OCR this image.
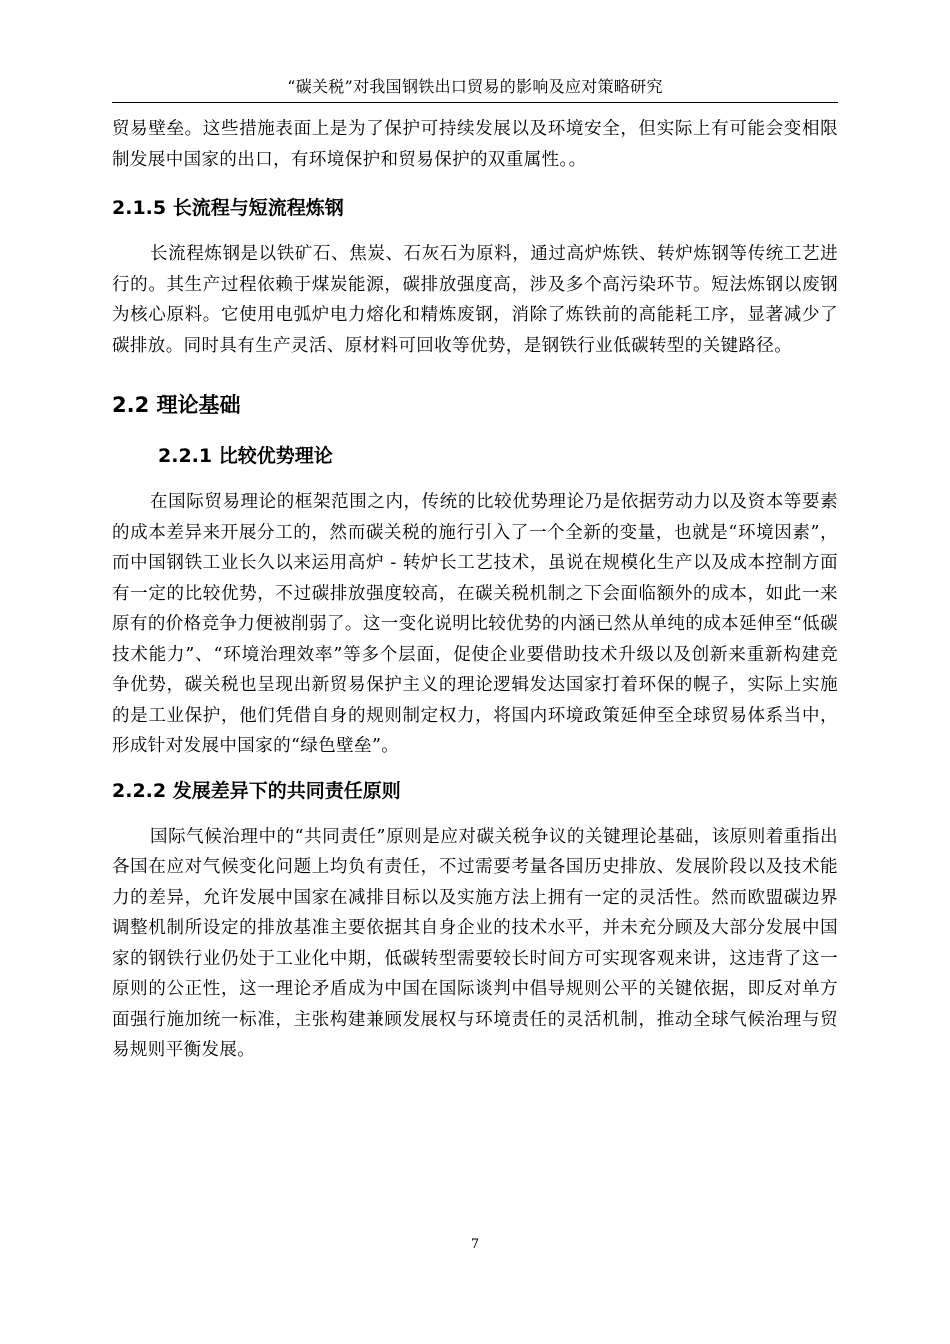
“碳关税”对我国钢铁出口贸易的影响及应对策略研究

贸易壁垒。这些措施表面上是为了保护可持续发展以及环境安全，但实际上有可能会变相限制发展中国家的出口，有环境保护和贸易保护的双重属性。。

2.1.5 长流程与短流程炼钢

长流程炼钢是以铁矿石、焦炭、石灰石为原料，通过高炉炼铁、转炉炼钢等传统工艺进行的。其生产过程依赖于煤炭能源，碳排放强度高，涉及多个高污染环节。短法炼钢以废钢为核心原料。它使用电弧炉电力熔化和精炼废钢，消除了炼铁前的高能耗工序，显著减少了碳排放。同时具有生产灵活、原材料可回收等优势，是钢铁行业低碳转型的关键路径。

2.2 理论基础
2.2.1 比较优势理论

在国际贸易理论的框架范围之内，传统的比较优势理论乃是依据劳动力以及资本等要素的成本差异来开展分工的，然而碳关税的施行引入了一个全新的变量，也就是“环境因素”，而中国钢铁工业长久以来运用高炉 - 转炉长工艺技术，虽说在规模化生产以及成本控制方面有一定的比较优势，不过碳排放强度较高，在碳关税机制之下会面临额外的成本，如此一来原有的价格竞争力便被削弱了。这一变化说明比较优势的内涵已然从单纯的成本延伸至“低碳技术能力”、“环境治理效率”等多个层面，促使企业要借助技术升级以及创新来重新构建竞争优势，碳关税也呈现出新贸易保护主义的理论逻辑发达国家打着环保的幌子，实际上实施的是工业保护，他们凭借自身的规则制定权力，将国内环境政策延伸至全球贸易体系当中，形成针对发展中国家的“绿色壁垒”。

2.2.2 发展差异下的共同责任原则

国际气候治理中的“共同责任”原则是应对碳关税争议的关键理论基础，该原则着重指出各国在应对气候变化问题上均负有责任，不过需要考量各国历史排放、发展阶段以及技术能力的差异，允许发展中国家在减排目标以及实施方法上拥有一定的灵活性。然而欧盟碳边界调整机制所设定的排放基准主要依据其自身企业的技术水平，并未充分顾及大部分发展中国家的钢铁行业仍处于工业化中期，低碳转型需要较长时间方可实现客观来讲，这违背了这一原则的公正性，这一理论矛盾成为中国在国际谈判中倡导规则公平的关键依据，即反对单方面强行施加统一标准，主张构建兼顾发展权与环境责任的灵活机制，推动全球气候治理与贸易规则平衡发展。

7
